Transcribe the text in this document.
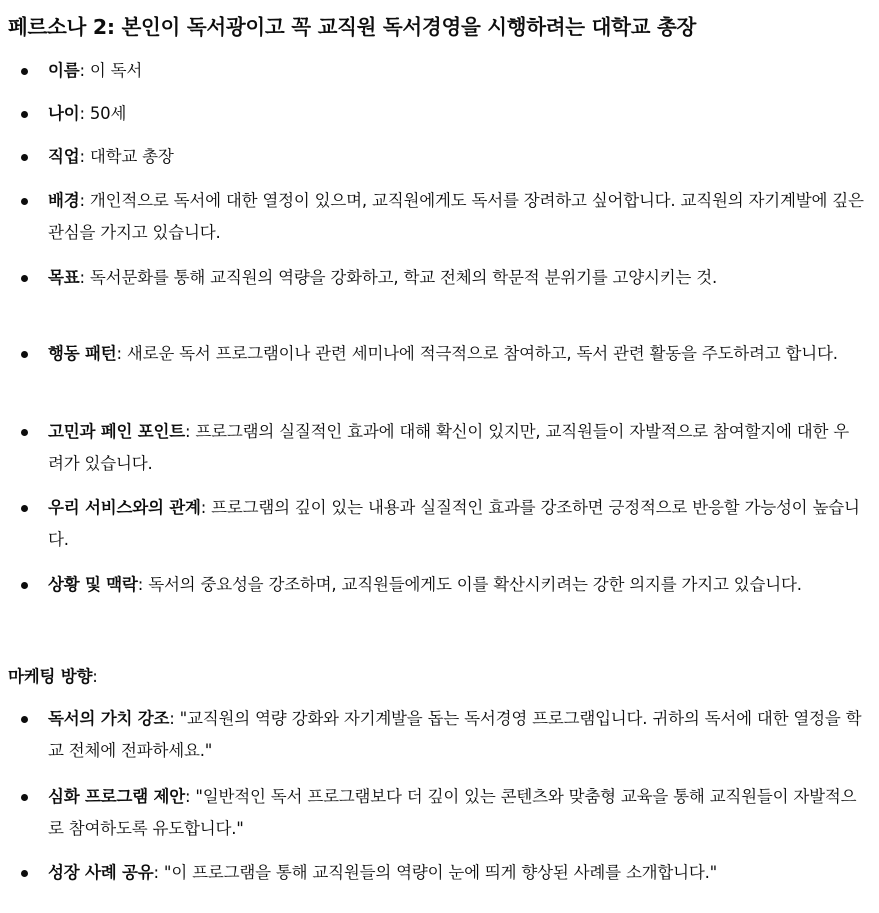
페르소나 2: 본인이 독서광이고 꼭 교직원 독서경영을 시행하려는 대학교 총장
이름: 이 독서
나이: 50세
직업: 대학교 총장
배경: 개인적으로 독서에 대한 열정이 있으며, 교직원에게도 독서를 장려하고 싶어합니다. 교직원의 자기계발에 깊은 관심을 가지고 있습니다.
목표: 독서문화를 통해 교직원의 역량을 강화하고, 학교 전체의 학문적 분위기를 고양시키는 것.
행동 패턴: 새로운 독서 프로그램이나 관련 세미나에 적극적으로 참여하고, 독서 관련 활동을 주도하려고 합니다.
고민과 페인 포인트: 프로그램의 실질적인 효과에 대해 확신이 있지만, 교직원들이 자발적으로 참여할지에 대한 우려가 있습니다.
우리 서비스와의 관계: 프로그램의 깊이 있는 내용과 실질적인 효과를 강조하면 긍정적으로 반응할 가능성이 높습니다.
상황 및 맥락: 독서의 중요성을 강조하며, 교직원들에게도 이를 확산시키려는 강한 의지를 가지고 있습니다.
마케팅 방향:
독서의 가치 강조: "교직원의 역량 강화와 자기계발을 돕는 독서경영 프로그램입니다. 귀하의 독서에 대한 열정을 학교 전체에 전파하세요."
심화 프로그램 제안: "일반적인 독서 프로그램보다 더 깊이 있는 콘텐츠와 맞춤형 교육을 통해 교직원들이 자발적으로 참여하도록 유도합니다."
성장 사례 공유: "이 프로그램을 통해 교직원들의 역량이 눈에 띄게 향상된 사례를 소개합니다."
